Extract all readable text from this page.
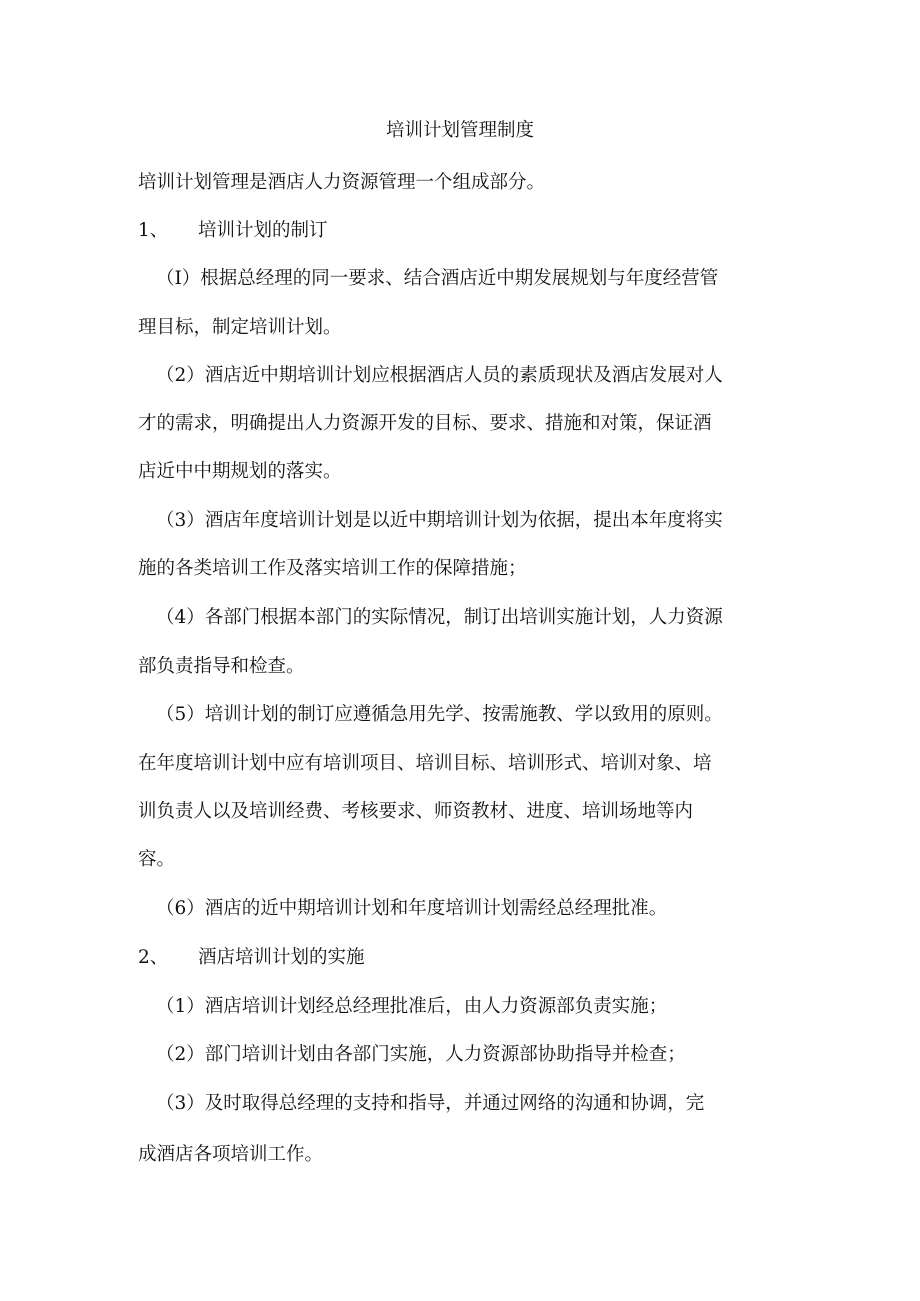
培训计划管理制度

培训计划管理是酒店人力资源管理一个组成部分。

1、 培训计划的制订

（I）根据总经理的同一要求、结合酒店近中期发展规划与年度经营管

理目标，制定培训计划。

（2）酒店近中期培训计划应根据酒店人员的素质现状及酒店发展对人

才的需求，明确提出人力资源开发的目标、要求、措施和对策，保证酒

店近中中期规划的落实。

（3）酒店年度培训计划是以近中期培训计划为依据，提出本年度将实

施的各类培训工作及落实培训工作的保障措施；

（4）各部门根据本部门的实际情况，制订出培训实施计划，人力资源

部负责指导和检查。

（5）培训计划的制订应遵循急用先学、按需施教、学以致用的原则。

在年度培训计划中应有培训项目、培训目标、培训形式、培训对象、培

训负责人以及培训经费、考核要求、师资教材、进度、培训场地等内

容。

（6）酒店的近中期培训计划和年度培训计划需经总经理批准。

2、 酒店培训计划的实施

（1）酒店培训计划经总经理批准后，由人力资源部负责实施；

（2）部门培训计划由各部门实施，人力资源部协助指导并检查；

（3）及时取得总经理的支持和指导，并通过网络的沟通和协调，完

成酒店各项培训工作。
